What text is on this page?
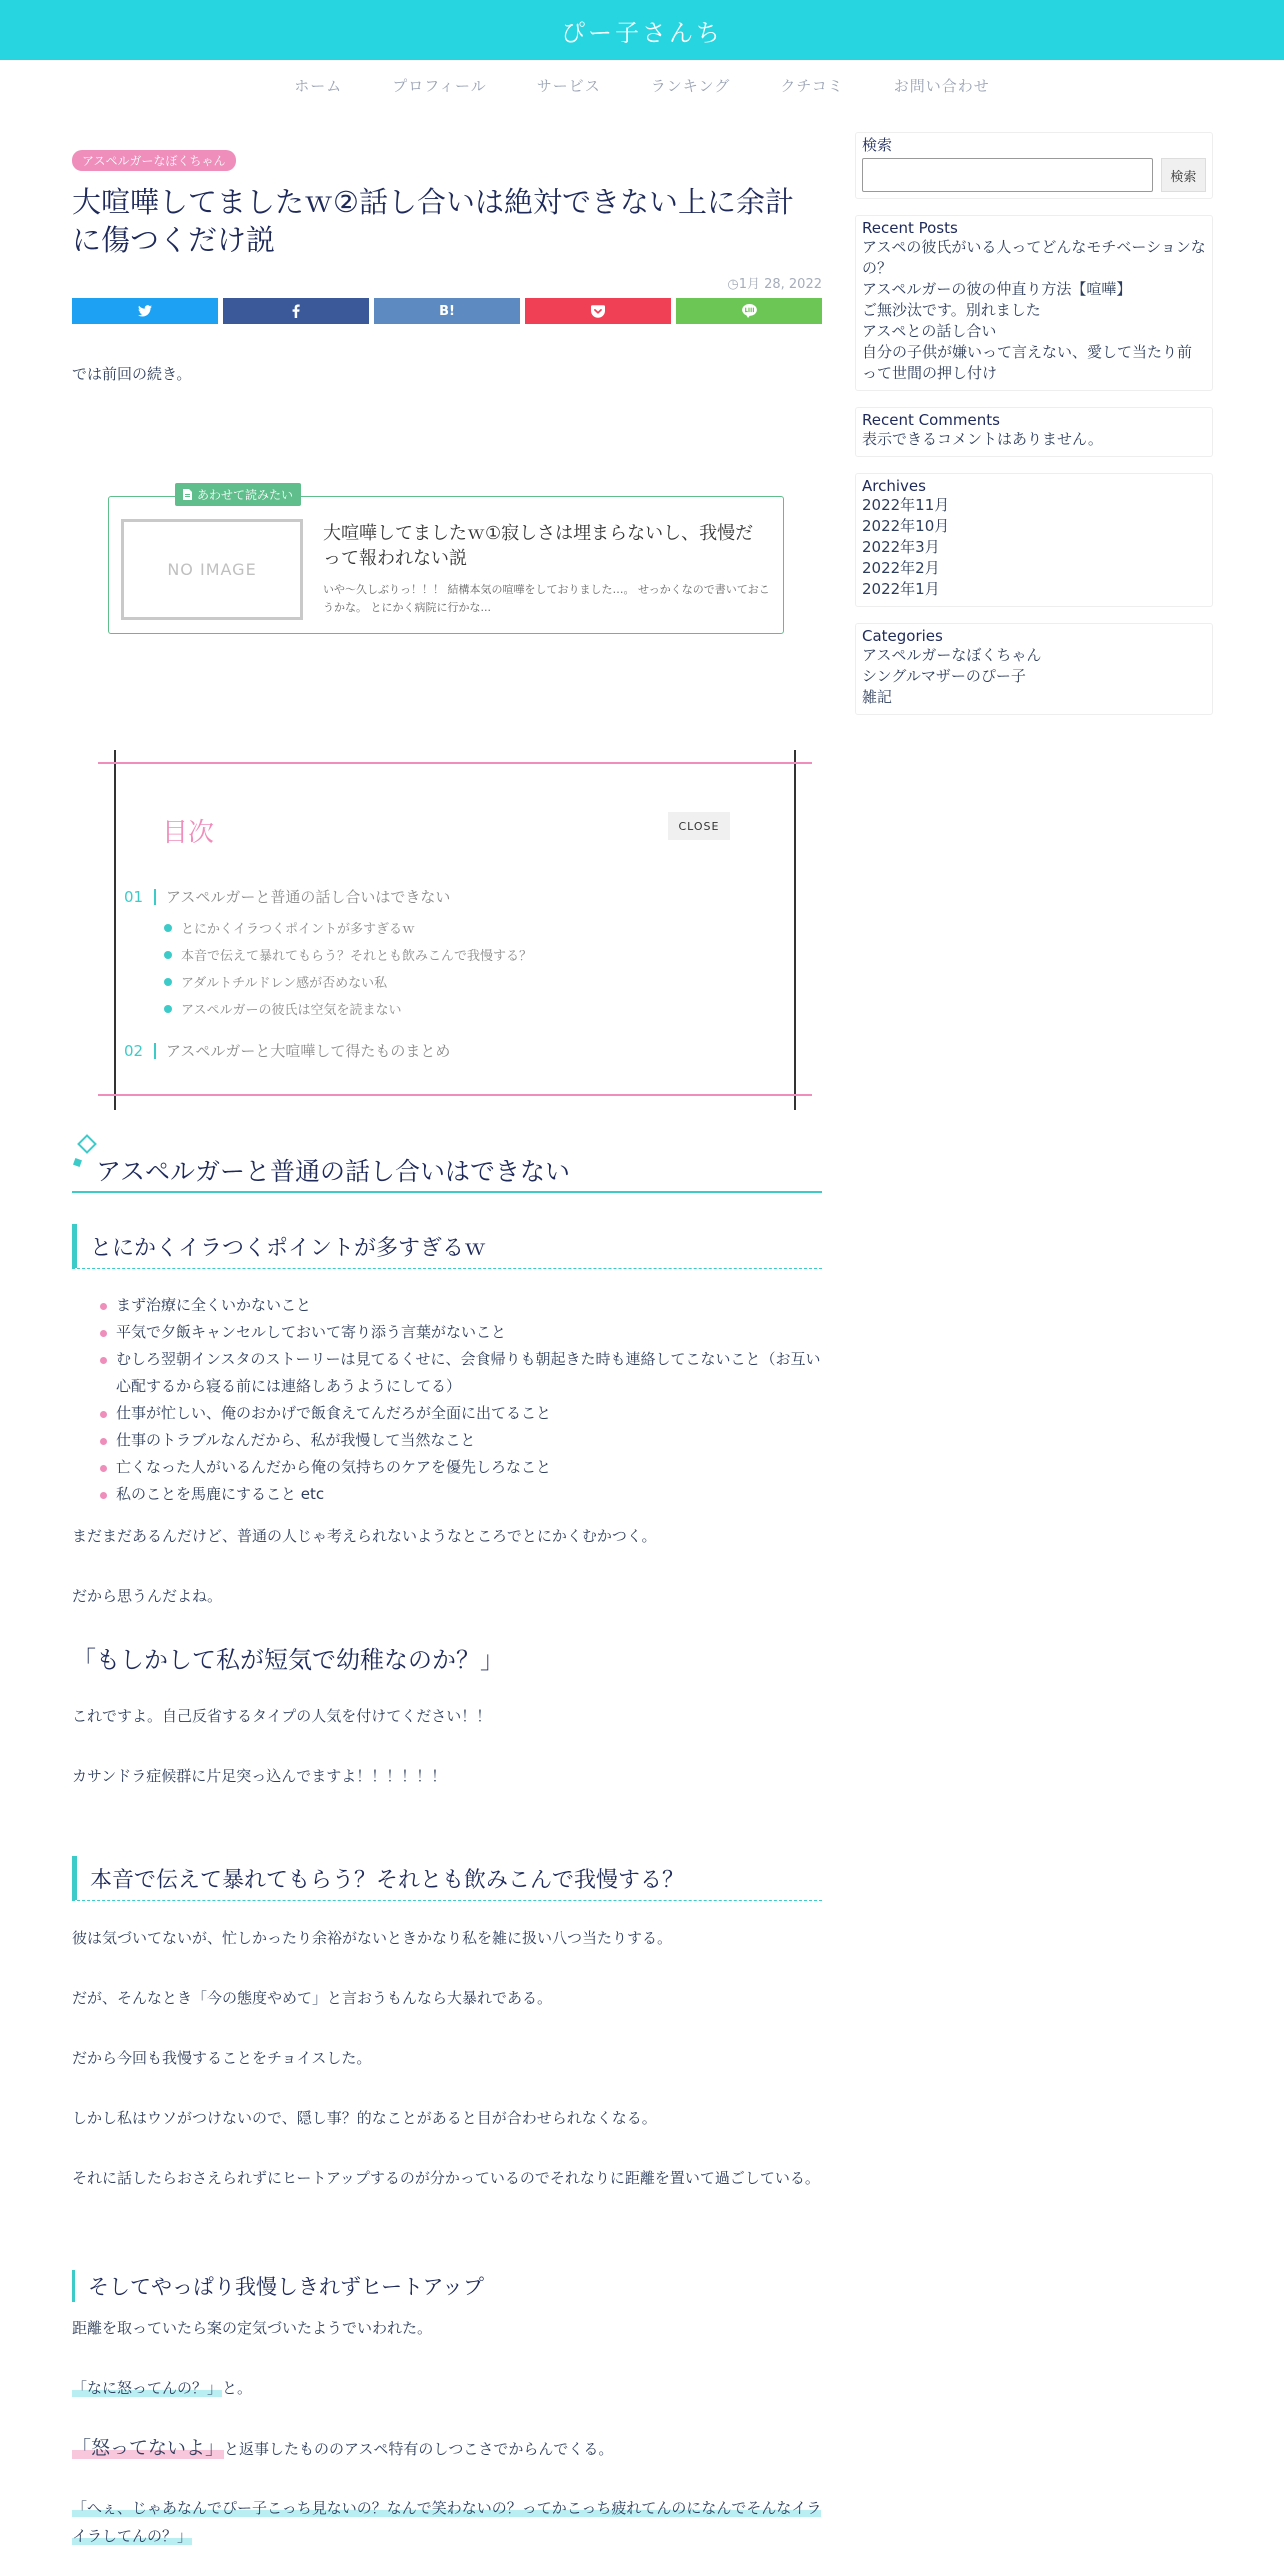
ぴー子さんち
ホーム	プロフィール	サービス	ランキング	クチコミ	お問い合わせ
アスペルガーなぼくちゃん
大喧嘩してましたｗ②話し合いは絶対できない上に余計に傷つくだけ説
◷1月 28, 2022
B!

では前回の続き。

あわせて読みたい
NO IMAGE
大喧嘩してましたｗ①寂しさは埋まらないし、我慢だって報われない説
いや～久しぶりっ！！！ 結構本気の喧嘩をしておりました…。 せっかくなので書いておこうかな。 とにかく病院に行かな...
目次	CLOSE
01	アスペルガーと普通の話し合いはできない
とにかくイラつくポイントが多すぎるｗ
本音で伝えて暴れてもらう？それとも飲みこんで我慢する？
アダルトチルドレン感が否めない私
アスペルガーの彼氏は空気を読まない
02	アスペルガーと大喧嘩して得たものまとめ
アスペルガーと普通の話し合いはできない
とにかくイラつくポイントが多すぎるｗ
まず治療に全くいかないこと
平気で夕飯キャンセルしておいて寄り添う言葉がないこと
むしろ翌朝インスタのストーリーは見てるくせに、会食帰りも朝起きた時も連絡してこないこと（お互い心配するから寝る前には連絡しあうようにしてる）
仕事が忙しい、俺のおかげで飯食えてんだろが全面に出てること
仕事のトラブルなんだから、私が我慢して当然なこと
亡くなった人がいるんだから俺の気持ちのケアを優先しろなこと
私のことを馬鹿にすること etc

まだまだあるんだけど、普通の人じゃ考えられないようなところでとにかくむかつく。

だから思うんだよね。

「もしかして私が短気で幼稚なのか？」

これですよ。自己反省するタイプの人気を付けてください！！

カサンドラ症候群に片足突っ込んでますよ！！！！！！

本音で伝えて暴れてもらう？それとも飲みこんで我慢する？

彼は気づいてないが、忙しかったり余裕がないときかなり私を雑に扱い八つ当たりする。

だが、そんなとき「今の態度やめて」と言おうもんなら大暴れである。

だから今回も我慢することをチョイスした。

しかし私はウソがつけないので、隠し事？的なことがあると目が合わせられなくなる。

それに話したらおさえられずにヒートアップするのが分かっているのでそれなりに距離を置いて過ごしている。

そしてやっぱり我慢しきれずヒートアップ

距離を取っていたら案の定気づいたようでいわれた。

「なに怒ってんの？」と。

「怒ってないよ」と返事したもののアスペ特有のしつこさでからんでくる。

「へぇ、じゃあなんでぴー子こっち見ないの？なんで笑わないの？ってかこっち疲れてんのになんでそんなイライラしてんの？」

検索
検索
Recent Posts
アスペの彼氏がいる人ってどんなモチベーションなの？
アスペルガーの彼の仲直り方法【喧嘩】
ご無沙汰です。別れました
アスペとの話し合い
自分の子供が嫌いって言えない、愛して当たり前って世間の押し付け
Recent Comments
表示できるコメントはありません。
Archives
2022年11月
2022年10月
2022年3月
2022年2月
2022年1月
Categories
アスペルガーなぼくちゃん
シングルマザーのぴー子
雑記
